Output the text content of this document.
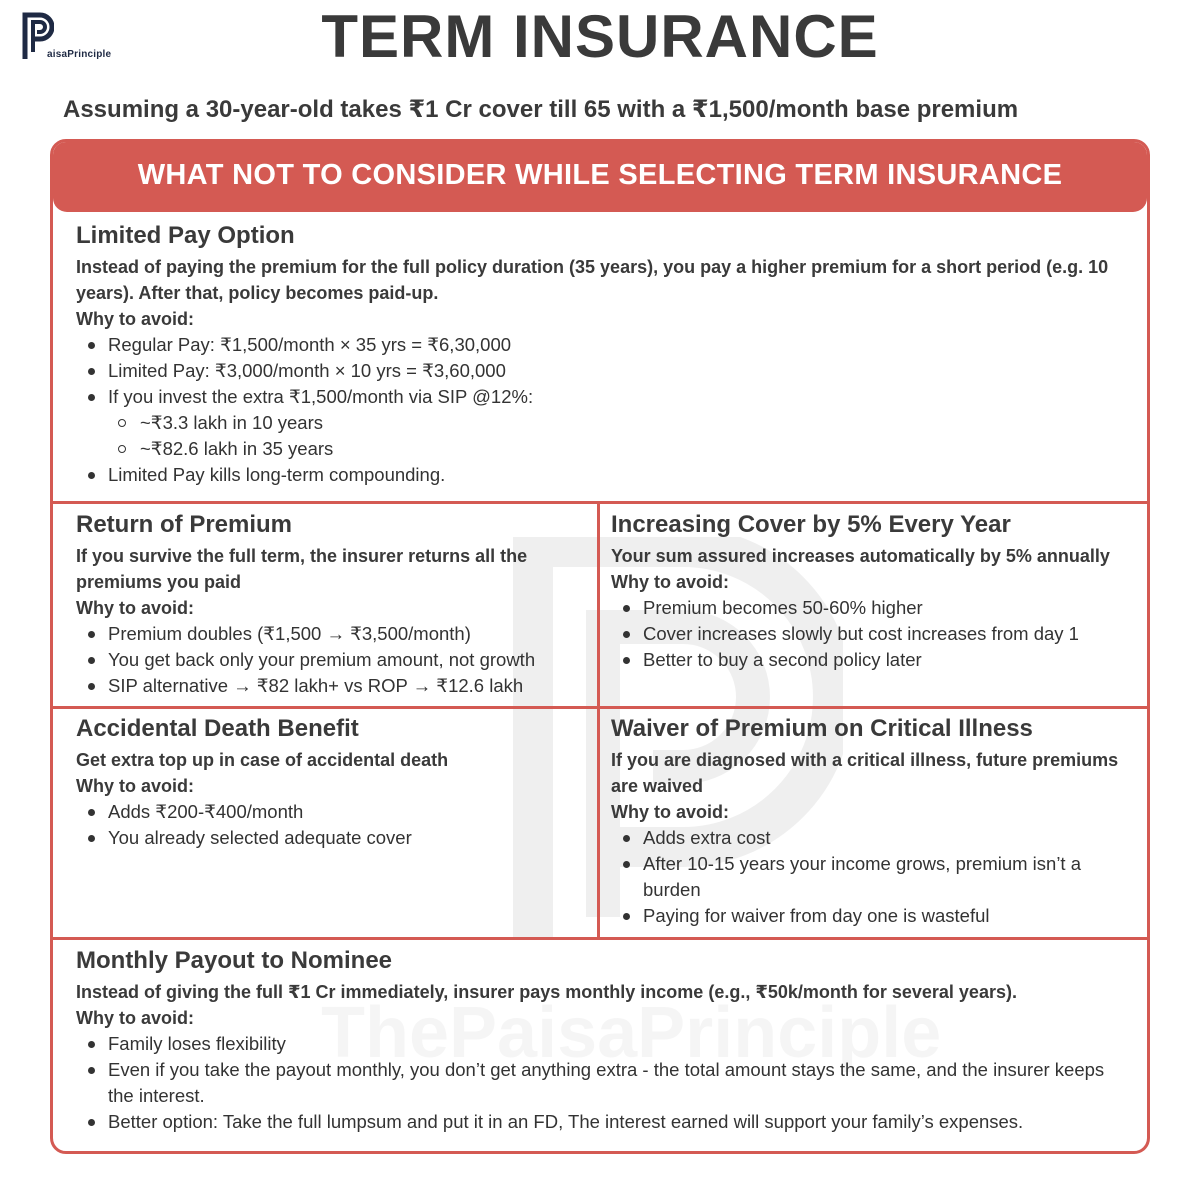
aisaPrinciple	TERM INSURANCE
Assuming a 30-year-old takes ₹1 Cr cover till 65 with a ₹1,500/month base premium
WHAT NOT TO CONSIDER WHILE SELECTING TERM INSURANCE
Limited Pay Option
Instead of paying the premium for the full policy duration (35 years), you pay a higher premium for a short period (e.g. 10 years). After that, policy becomes paid-up.
Why to avoid:
Regular Pay: ₹1,500/month × 35 yrs = ₹6,30,000
Limited Pay: ₹3,000/month × 10 yrs = ₹3,60,000
If you invest the extra ₹1,500/month via SIP @12%:
~₹3.3 lakh in 10 years
~₹82.6 lakh in 35 years
Limited Pay kills long-term compounding.
Return of Premium
If you survive the full term, the insurer returns all the premiums you paid
Why to avoid:
Premium doubles (₹1,500 → ₹3,500/month)
You get back only your premium amount, not growth
SIP alternative → ₹82 lakh+ vs ROP → ₹12.6 lakh
Increasing Cover by 5% Every Year
Your sum assured increases automatically by 5% annually
Why to avoid:
Premium becomes 50-60% higher
Cover increases slowly but cost increases from day 1
Better to buy a second policy later
Accidental Death Benefit
Get extra top up in case of accidental death
Why to avoid:
Adds ₹200-₹400/month
You already selected adequate cover
Waiver of Premium on Critical Illness
If you are diagnosed with a critical illness, future premiums are waived
Why to avoid:
Adds extra cost
After 10-15 years your income grows, premium isn’t a burden
Paying for waiver from day one is wasteful
Monthly Payout to Nominee
Instead of giving the full ₹1 Cr immediately, insurer pays monthly income (e.g., ₹50k/month for several years).
Why to avoid:
Family loses flexibility
Even if you take the payout monthly, you don’t get anything extra - the total amount stays the same, and the insurer keeps the interest.
Better option: Take the full lumpsum and put it in an FD, The interest earned will support your family’s expenses.
